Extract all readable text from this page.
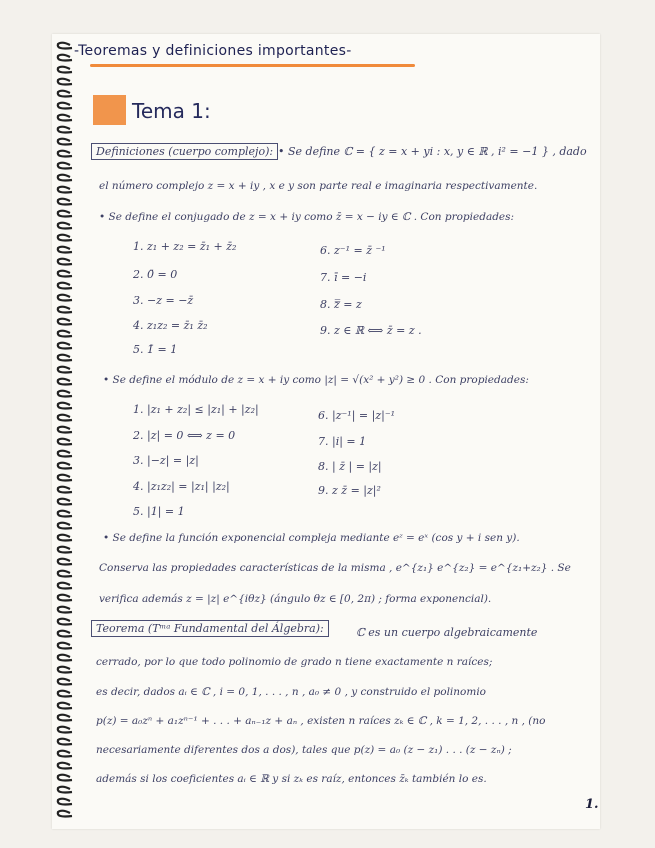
-Teoremas y definiciones importantes-
Tema 1:
Definiciones (cuerpo complejo): • Se define ℂ = { z = x + yi : x, y ∈ ℝ , i² = −1 } , dado
el número complejo z = x + iy , x e y son parte real e imaginaria respectivamente.
• Se define el conjugado de z = x + iy como z̄ = x − iy ∈ ℂ . Con propiedades:
1. z₁ + z₂ = z̄₁ + z̄₂
2. 0̄ = 0
3. −z = −z̄
4. z₁z₂ = z̄₁ z̄₂
5. 1̄ = 1
6. z⁻¹ = z̄ ⁻¹
7. ī = −i
8. z̿ = z
9. z ∈ ℝ ⟺ z̄ = z .
• Se define el módulo de z = x + iy como |z| = √(x² + y²) ≥ 0 . Con propiedades:
1. |z₁ + z₂| ≤ |z₁| + |z₂|
2. |z| = 0 ⟺ z = 0
3. |−z| = |z|
4. |z₁z₂| = |z₁| |z₂|
5. |1| = 1
6. |z⁻¹| = |z|⁻¹
7. |i| = 1
8. | z̄ | = |z|
9. z z̄ = |z|²
• Se define la función exponencial compleja mediante eᶻ = eˣ (cos y + i sen y).
Conserva las propiedades características de la misma , e^{z₁} e^{z₂} = e^{z₁+z₂} . Se
verifica además z = |z| e^{iθz} (ángulo θz ∈ [0, 2π) ; forma exponencial).
Teorema (Tᵐᵃ Fundamental del Álgebra):	ℂ es un cuerpo algebraicamente
cerrado, por lo que todo polinomio de grado n tiene exactamente n raíces;
es decir, dados aᵢ ∈ ℂ , i = 0, 1, . . . , n , a₀ ≠ 0 , y construido el polinomio
p(z) = a₀zⁿ + a₁zⁿ⁻¹ + . . . + aₙ₋₁z + aₙ , existen n raíces zₖ ∈ ℂ , k = 1, 2, . . . , n , (no
necesariamente diferentes dos a dos), tales que p(z) = a₀ (z − z₁) . . . (z − zₙ) ;
además si los coeficientes aᵢ ∈ ℝ y si zₖ es raíz, entonces z̄ₖ también lo es.
1.
